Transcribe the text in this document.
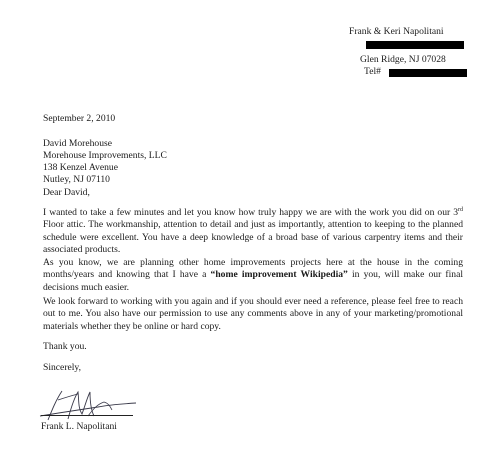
Frank & Keri Napolitani
Glen Ridge, NJ 07028
Tel#
September 2, 2010
David Morehouse
Morehouse Improvements, LLC
138 Kenzel Avenue
Nutley, NJ 07110
Dear David,
I wanted to take a few minutes and let you know how truly happy we are with the work you did on our 3rd Floor attic. The workmanship, attention to detail and just as importantly, attention to keeping to the planned schedule were excellent. You have a deep knowledge of a broad base of various carpentry items and their associated products.
As you know, we are planning other home improvements projects here at the house in the coming months/years and knowing that I have a “home improvement Wikipedia” in you, will make our final decisions much easier.
We look forward to working with you again and if you should ever need a reference, please feel free to reach out to me. You also have our permission to use any comments above in any of your marketing/promotional materials whether they be online or hard copy.
Thank you.
Sincerely,
Frank L. Napolitani
